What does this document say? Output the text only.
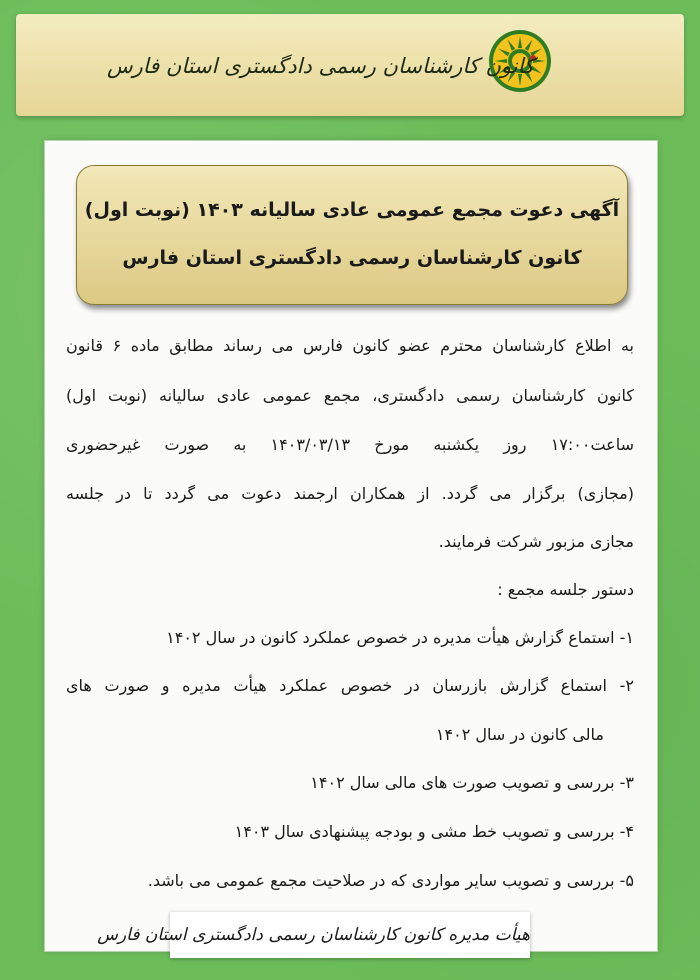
کانون کارشناسان رسمی دادگستری استان فارس
آگهی دعوت مجمع عمومی عادی سالیانه ۱۴۰۳ (نوبت اول)
کانون کارشناسان رسمی دادگستری استان فارس
به اطلاع کارشناسان محترم عضو کانون فارس می رساند مطابق ماده ۶ قانون
کانون کارشناسان رسمی دادگستری، مجمع عمومی عادی سالیانه (نوبت اول)
ساعت۱۷:۰۰ روز یکشنبه مورخ ۱۴۰۳/۰۳/۱۳ به صورت غیرحضوری
(مجازی) برگزار می گردد. از همکاران ارجمند دعوت می گردد تا در جلسه
مجازی مزبور شرکت فرمایند.
دستور جلسه مجمع :
۱- استماع گزارش هیأت مدیره در خصوص عملکرد کانون در سال ۱۴۰۲
۲- استماع گزارش بازرسان در خصوص عملکرد هیأت مدیره و صورت های
مالی کانون در سال ۱۴۰۲
۳- بررسی و تصویب صورت های مالی سال ۱۴۰۲
۴- بررسی و تصویب خط مشی و بودجه پیشنهادی سال ۱۴۰۳
۵- بررسی و تصویب سایر مواردی که در صلاحیت مجمع عمومی می باشد.
هیأت مدیره کانون کارشناسان رسمی دادگستری استان فارس
